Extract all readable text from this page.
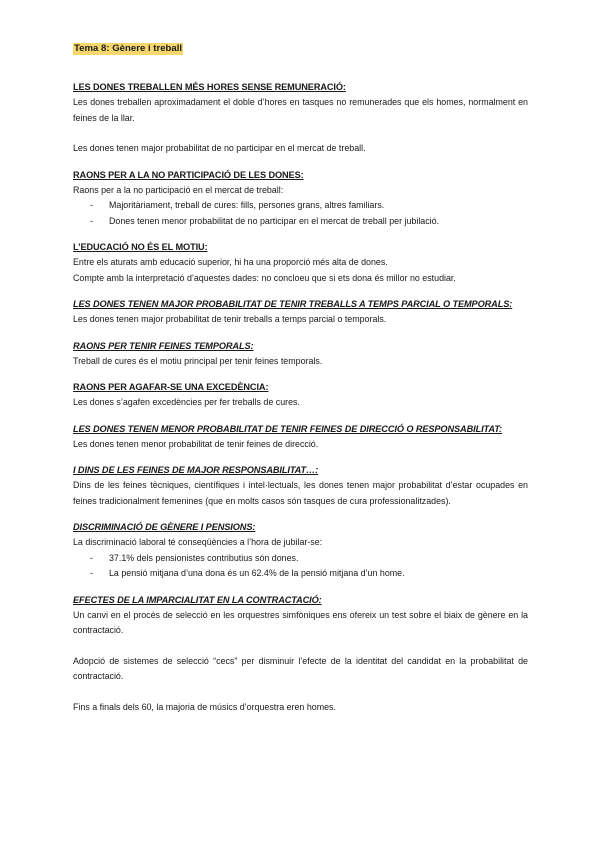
Tema 8: Gènere i treball
LES DONES TREBALLEN MÉS HORES SENSE REMUNERACIÓ:

Les dones treballen aproximadament el doble d’hores en tasques no remunerades que els homes, normalment en feines de la llar.

Les dones tenen major probabilitat de no participar en el mercat de treball.

RAONS PER A LA NO PARTICIPACIÓ DE LES DONES:

Raons per a la no participació en el mercat de treball:

- Majoritàriament, treball de cures: fills, persones grans, altres familiars.
- Dones tenen menor probabilitat de no participar en el mercat de treball per jubilació.
L’EDUCACIÓ NO ÉS EL MOTIU:

Entre els aturats amb educació superior, hi ha una proporció més alta de dones.

Compte amb la interpretació d’aquestes dades: no concloeu que si ets dona és millor no estudiar.

LES DONES TENEN MAJOR PROBABILITAT DE TENIR TREBALLS A TEMPS PARCIAL O TEMPORALS:

Les dones tenen major probabilitat de tenir treballs a temps parcial o temporals.

RAONS PER TENIR FEINES TEMPORALS:

Treball de cures és el motiu principal per tenir feines temporals.

RAONS PER AGAFAR-SE UNA EXCEDÈNCIA:

Les dones s’agafen excedències per fer treballs de cures.

LES DONES TENEN MENOR PROBABILITAT DE TENIR FEINES DE DIRECCIÓ O RESPONSABILITAT:

Les dones tenen menor probabilitat de tenir feines de direcció.

I DINS DE LES FEINES DE MAJOR RESPONSABILITAT…:

Dins de les feines tècniques, científiques i intel·lectuals, les dones tenen major probabilitat d’estar ocupades en feines tradicionalment femenines (que en molts casos són tasques de cura professionalitzades).

DISCRIMINACIÓ DE GÈNERE I PENSIONS:

La discriminació laboral té conseqüències a l’hora de jubilar-se:

- 37.1% dels pensionistes contributius són dones.
- La pensió mitjana d’una dona és un 62.4% de la pensió mitjana d’un home.
EFECTES DE LA IMPARCIALITAT EN LA CONTRACTACIÓ:

Un canvi en el procés de selecció en les orquestres simfòniques ens ofereix un test sobre el biaix de gènere en la contractació.

Adopció de sistemes de selecció “cecs” per disminuir l’efecte de la identitat del candidat en la probabilitat de contractació.

Fins a finals dels 60, la majoria de músics d’orquestra eren homes.
